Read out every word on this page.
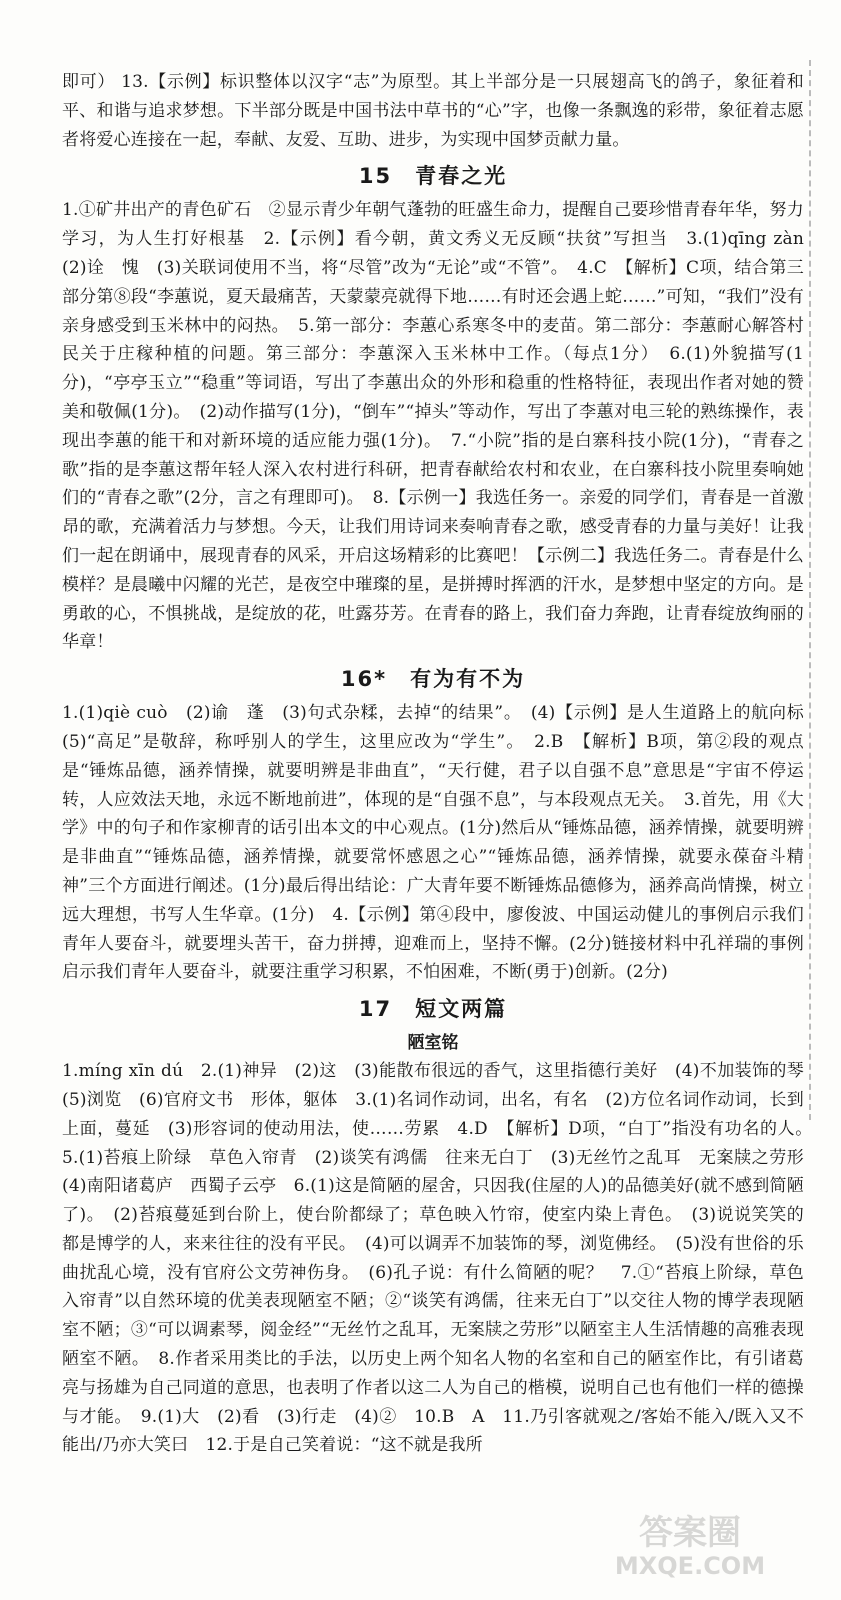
即可） 13.【示例】标识整体以汉字“志”为原型。其上半部分是一只展翅高飞的鸽子，象征着和平、和谐与追求梦想。下半部分既是中国书法中草书的“心”字，也像一条飘逸的彩带，象征着志愿者将爱心连接在一起，奉献、友爱、互助、进步，为实现中国梦贡献力量。

15　青春之光

1.①矿井出产的青色矿石　②显示青少年朝气蓬勃的旺盛生命力，提醒自己要珍惜青春年华，努力学习，为人生打好根基　2.【示例】看今朝，黄文秀义无反顾“扶贫”写担当　3.(1)qīng zàn　(2)诠　愧　(3)关联词使用不当，将“尽管”改为“无论”或“不管”。　4.C　【解析】C项，结合第三部分第⑧段“李蕙说，夏天最痛苦，天蒙蒙亮就得下地……有时还会遇上蛇……”可知，“我们”没有亲身感受到玉米林中的闷热。　5.第一部分：李蕙心系寒冬中的麦苗。第二部分：李蕙耐心解答村民关于庄稼种植的问题。第三部分：李蕙深入玉米林中工作。（每点1分）　6.(1)外貌描写(1分)，“亭亭玉立”“稳重”等词语，写出了李蕙出众的外形和稳重的性格特征，表现出作者对她的赞美和敬佩(1分)。　(2)动作描写(1分)，“倒车”“掉头”等动作，写出了李蕙对电三轮的熟练操作，表现出李蕙的能干和对新环境的适应能力强(1分)。　7.“小院”指的是白寨科技小院(1分)，“青春之歌”指的是李蕙这帮年轻人深入农村进行科研，把青春献给农村和农业，在白寨科技小院里奏响她们的“青春之歌”(2分，言之有理即可)。　8.【示例一】我选任务一。亲爱的同学们，青春是一首激昂的歌，充满着活力与梦想。今天，让我们用诗词来奏响青春之歌，感受青春的力量与美好！让我们一起在朗诵中，展现青春的风采，开启这场精彩的比赛吧！【示例二】我选任务二。青春是什么模样？是晨曦中闪耀的光芒，是夜空中璀璨的星，是拼搏时挥洒的汗水，是梦想中坚定的方向。是勇敢的心，不惧挑战，是绽放的花，吐露芬芳。在青春的路上，我们奋力奔跑，让青春绽放绚丽的华章！

16*　有为有不为

1.(1)qiè cuò　(2)谕　蓬　(3)句式杂糅，去掉“的结果”。　(4)【示例】是人生道路上的航向标　(5)“高足”是敬辞，称呼别人的学生，这里应改为“学生”。　2.B　【解析】B项，第②段的观点是“锤炼品德，涵养情操，就要明辨是非曲直”，“天行健，君子以自强不息”意思是“宇宙不停运转，人应效法天地，永远不断地前进”，体现的是“自强不息”，与本段观点无关。　3.首先，用《大学》中的句子和作家柳青的话引出本文的中心观点。(1分)然后从“锤炼品德，涵养情操，就要明辨是非曲直”“锤炼品德，涵养情操，就要常怀感恩之心”“锤炼品德，涵养情操，就要永葆奋斗精神”三个方面进行阐述。(1分)最后得出结论：广大青年要不断锤炼品德修为，涵养高尚情操，树立远大理想，书写人生华章。(1分)　4.【示例】第④段中，廖俊波、中国运动健儿的事例启示我们青年人要奋斗，就要埋头苦干，奋力拼搏，迎难而上，坚持不懈。(2分)链接材料中孔祥瑞的事例启示我们青年人要奋斗，就要注重学习积累，不怕困难，不断(勇于)创新。(2分)

17　短文两篇
陋室铭

1.míng xīn dú　2.(1)神异　(2)这　(3)能散布很远的香气，这里指德行美好　(4)不加装饰的琴　(5)浏览　(6)官府文书　形体，躯体　3.(1)名词作动词，出名，有名　(2)方位名词作动词，长到上面，蔓延　(3)形容词的使动用法，使……劳累　4.D　【解析】D项，“白丁”指没有功名的人。　5.(1)苔痕上阶绿　草色入帘青　(2)谈笑有鸿儒　往来无白丁　(3)无丝竹之乱耳　无案牍之劳形　(4)南阳诸葛庐　西蜀子云亭　6.(1)这是简陋的屋舍，只因我(住屋的人)的品德美好(就不感到简陋了)。　(2)苔痕蔓延到台阶上，使台阶都绿了；草色映入竹帘，使室内染上青色。　(3)说说笑笑的都是博学的人，来来往往的没有平民。　(4)可以调弄不加装饰的琴，浏览佛经。　(5)没有世俗的乐曲扰乱心境，没有官府公文劳神伤身。　(6)孔子说：有什么简陋的呢？　7.①“苔痕上阶绿，草色入帘青”以自然环境的优美表现陋室不陋；②“谈笑有鸿儒，往来无白丁”以交往人物的博学表现陋室不陋；③“可以调素琴，阅金经”“无丝竹之乱耳，无案牍之劳形”以陋室主人生活情趣的高雅表现陋室不陋。　8.作者采用类比的手法，以历史上两个知名人物的名室和自己的陋室作比，有引诸葛亮与扬雄为自己同道的意思，也表明了作者以这二人为自己的楷模，说明自己也有他们一样的德操与才能。　9.(1)大　(2)看　(3)行走　(4)②　10.B　A　11.乃引客就观之/客始不能入/既入又不能出/乃亦大笑曰　12.于是自己笑着说：“这不就是我所

答案圈
MXQE.COM
